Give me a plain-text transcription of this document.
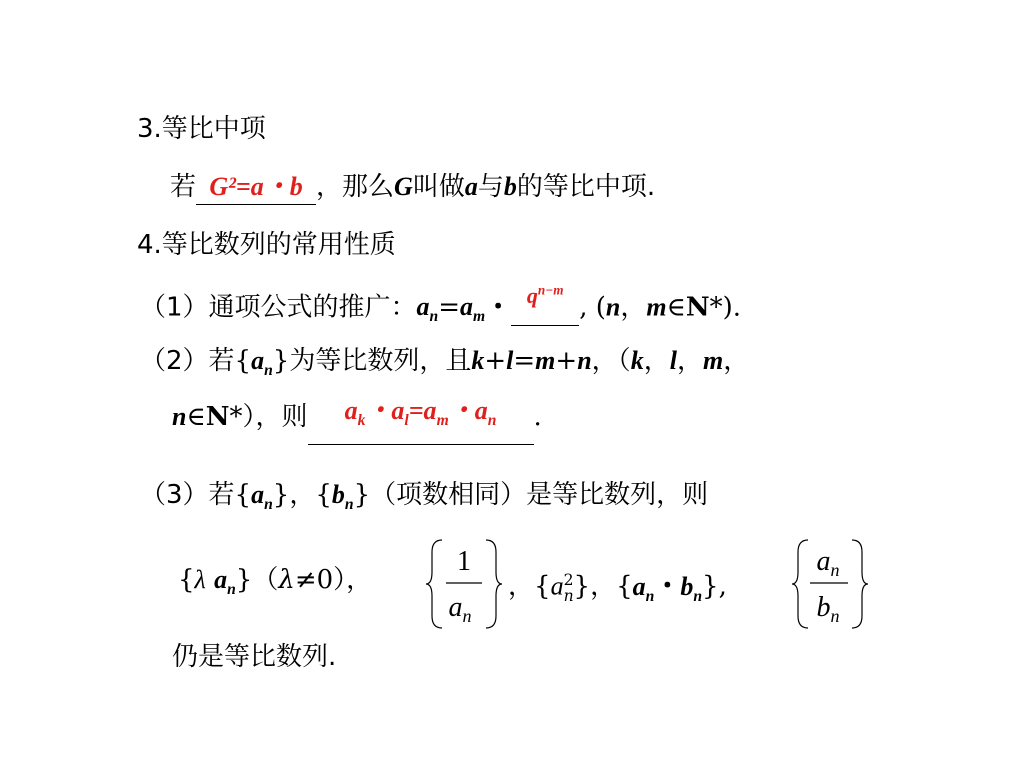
3.等比中项
若 G²=a・b ，那么G叫做a与b的等比中项.
4.等比数列的常用性质
（1）通项公式的推广：$a_n=a_m$・ $^{q^{n-m}}$, (n，m∈N*).
（2）若$\{a_n\}$为等比数列，且k+l=m+n，（k，l，m，
n∈N*），则 $a_k$・$a_l=a_m$・$a_n$ .
（3）若$\{a_n\}$，$\{b_n\}$（项数相同）是等比数列，则
{λ $a_n\}(\lambda\ne 0)$，
1
$a_n$
，$\{a_n^2\}$，{$a_n$・$b_n$},
$a_n$
$b_n$
仍是等比数列.
